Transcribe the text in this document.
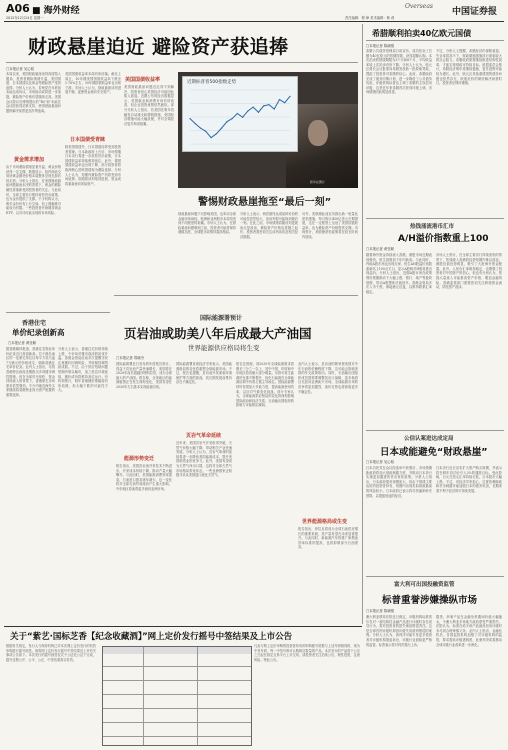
A06 ■ 海外财经
2012年12月24日 星期一	责任编辑：程 峥 美术编辑：韩 莉
Overseas
中国证券报
财政悬崖迫近 避险资产获追捧
□本报记者 吴心韬
本周以来，美国财政悬崖谈判再度陷入僵局，投资者避险情绪升温，美国国债、日本国债以及黄金等避险资产受到追捧。分析人士认为，若两党在年底前未能达成协议，市场波动或将进一步加剧，避险资产价格有望继续走高。美国众议院议长博纳提出的“B计划”未能在众议院获得足够支持，使得财政悬崖问题的解决前景更加扑朔迷离。
黄金需求增加
由于市场避险情绪显著升温，黄金价格获得一定支撑。数据显示，纽约商品交易所黄金期货价格本周整体呈现先抑后扬走势。分析人士指出，在美国财政悬崖问题悬而未决的背景下，黄金的避险属性将重新受到投资者的关注。与此同时，全球主要央行维持宽松货币政策，也为金价提供了支撑。不少机构认为，明年金价仍有上行空间，但上涨幅度可能较为有限。一些投资者开始增持黄金ETF，以对冲可能出现的市场风险。
美国国债收益率本周有所回落。截至上周五，10年期美国国债收益率下跌至1.76%左右，30年期国债收益率也出现下滑。市场人士认为，财政悬崖谈判进展不顺，促使资金流向安全资产。
日本国债受青睐
除美国国债外，日本国债同样受到投资者青睐。日本新政府上台后，市场预期日本央行将进一步放松货币政策，日本国债收益率持续维持低位。此外，德国国债收益率也出现下降，部分投资者将欧洲核心国家国债视为避险选择。分析人士认为，短期内避险资产仍将受到市场追捧，但随着谈判取得进展，资金或将重新流向风险资产。
美国国债收益率
美国财政悬崖问题迟迟得不到解决，投资者担心美国经济可能因此陷入衰退。近期公布的经济数据显示，美国就业和消费市场有所改善，但企业投资意愿依然疲软。部分分析人士指出，若美国在明年初触发自动减支和增税措施，美国经济增速可能大幅放缓，并对全球经济复苏构成拖累。
近期标普普500指数走势
新华社图片
警惕财政悬崖拖至“最后一刻”
财政悬崖问题不仅影响美国，也牵动全球金融市场神经。欧洲和亚洲股市本周均受到不同程度的拖累。市场人士认为，在财政悬崖问题明朗之前，投资者可能将保持谨慎态度，全球股市或维持震荡格局。
分析人士表示，两党最终达成某种妥协的可能性依然较大，但谈判很可能拖到最后一刻。在此之前，市场情绪将随谈判进展而反复波动，避险资产价格也将随之起伏，投资者需密切关注谈判动向及相关经济数据。
另外，美联储此前宣布推出新一轮量化宽松措施，每月购买450亿美元长期国债，这在一定程度上压低了美国国债收益率，也为避险资产价格提供支撑。市场预计，美联储宽松政策将在较长时间内延续。
香港住宅
单价纪录创新高
□本报记者 黄莹颖
据香港媒体报道，香港住宅物业单价纪录近日再创新高。位于港岛南区的一处豪宅单位以每平方英尺逾7万港元的价格成交，刷新香港住宅单价纪录。业内人士指出，尽管香港特区政府近期推出多项楼市调控措施，但在全球货币宽松、资金持续流入的背景下，香港豪宅市场需求依然强劲。不少内地及海外买家继续将香港物业视为资产配置的重要选择。
分析人士表示，香港住宅价格持续上涨，令市场对楼市泡沫的担忧升温。香港金管局此前多次提醒市民注意楼价回调风险，并收紧按揭贷款成数。不过，由于供应短缺问题短期内难以解决，加之低息环境延续，楼价或仍将维持高位运行。有机构预计，明年香港楼价涨幅将有所放缓，但大幅下跌的可能性不大。
国际能源署预计
页岩油或助美八年后成最大产油国
世界能源供应格局将生变
□本报记者 郑晓舟
国际能源署近日发布的年度报告预计，得益于页岩油产量快速增长，美国将在2020年前后超越沙特阿拉伯，成为全球最大的产油国。报告称，北美地区的能源版图正在发生深刻变化，美国有望在2030年左右基本实现能源自给。
能源形势变迁
报告指出，美国页岩油开采技术不断进步，开采成本持续下降，推动产量大幅攀升。与此同时，美国能源消费效率提高，石油进口需求逐年减少。这一变化将对全球石油贸易流向产生重大影响，中东地区原油将更多流向亚洲市场。
国际能源署首席经济学家表示，美国能源格局的变化将重塑全球能源市场。不过，报告也提醒，页岩油开发面临环境保护等方面的挑战，其长期发展前景仍存在不确定性。
页岩气革命延续
近年来，美国页岩气开发取得突破，天然气价格大幅下降，带动相关产业快速发展。分析人士认为，页岩气革命的延续将进一步降低美国能源成本，提升美国制造业的竞争力。此外，美国有望成为天然气净出口国，这将对全球天然气市场格局带来冲击。一些亚洲国家正积极寻求从美国进口液化天然气。
报告还预测，到2035年全球能源需求将增长三分之一以上，其中中国、印度和中东地区将贡献大部分增量。尽管可再生能源的比重不断提升，但化石能源在全球能源结构中仍将占据主导地位。国际能源署呼吁各国加大节能力度，提高能源使用效率，以应对气候变化挑战。部分专家认为，全球能源供应格局的变化将深刻影响国际政治和经济关系，石油输出国组织的影响力可能相应减弱。
世界能源格局或生变
业内人士表示，页岩油的繁荣使美国对中东石油的依赖程度下降，这可能会影响美国的外交政策取向。同时，石油输出国组织成员国需要调整其出口战略，更多地将目光投向亚洲新兴市场。全球能源市场的竞争将更加激烈，油价走势也将面临更多不确定性。
报告指出，伊拉克将成为全球石油供应增长的重要来源，其产量有望在未来显著提升。与此同时，新能源汽车的推广和燃油效率标准的提高，也将抑制部分石油需求。
希腊顺利拍卖40亿欧元国债
□本报记者 陈晓刚
希腊公共债务管理局日前宣布，成功拍卖了总额为40亿欧元的短期国债，获得超额认购。本次拍卖的国债期限为3个月和6个月，平均收益率较上次拍卖有所下降。分析人士认为，欧元区财长会议批准向希腊发放新一批救助贷款，提振了投资者对希腊的信心。此前，希腊政府完成了债务回购计划，进一步降低了公共债务负担。评级机构标普也上调了希腊的主权信用评级，这是近年来希腊首次获得评级上调，市场情绪因此明显改善。
不过，分析人士提醒，希腊经济仍深陷衰退，失业率居高不下，财政紧缩措施执行面临较大的社会阻力。希腊政府需要继续推进结构性改革，才能实现财政可持续目标。欧盟委员会预计，希腊经济明年将继续萎缩，复苏进程可能较为漫长。此外，欧元区其他重债国的债务问题也依然存在，欧债危机的彻底解决尚需时日，投资者应保持谨慎。
热钱涌流港币汇市
A/H溢价指数重上100
□本报记者 黄莹颖
随着海外资金持续流入香港，港股市场近期表现强劲，恒生指数创下年内新高。与此同时，内地A股市场也出现反弹，恒生AH股溢价指数重新站上100点关口，显示A股相对H股再度出现溢价。分析人士指出，近期A股市场在政策利好预期推动下大幅上涨，银行、地产等板块领涨，带动A股整体估值回升。香港金管局多次入市干预，承接港元沽盘，以维持联系汇率稳定。
市场人士预计，在全球主要央行持续宽松的背景下，热钱流入香港的趋势短期内难以改变。港股估值优势明显，吸引了大批海外资金配置。此外，人民币汇率保持稳定，也增强了投资者对中国资产的信心。但也有分析认为，热钱大量流入可能推高资产价格，增加金融风险，香港监管部门需要密切关注跨境资金流动，防范资产泡沫。
公信认案进达成定局
日本或能避免“财政悬崖”
□本报记者 吴心韬
日本自民党在众议院选举中获胜后，市场预期新政府将加大财政刺激力度，并推动日本央行实施更加激进的货币宽松政策。分析人士指出，日本政府债务规模庞大，但由于国债主要由国内投资者持有，短期内出现类似财政悬崖的风险较小。日本政府已表示将尽快编制补充预算，以提振低迷的经济。
日本央行近日宣布扩大资产购买规模，并表示将在明年初讨论引入2%的通胀目标。受此影响，日元兑美元汇率持续走低，日本股市大幅上涨。不过，有经济学家担心，过度依赖财政和货币刺激可能加剧日本的债务负担，长期来看不利于经济的可持续发展。
富大利可出国投融资监管
标普重誉涉嫌操纵市场
□本报记者 陈晓刚
澳大利亚联邦法院近日裁定，评级机构标准普尔在对一款结构性金融产品进行评级时存在误导行为，需对投资者的损失承担赔偿责任。这是全球首例评级机构因评级失误被判赔偿的案例。分析人士认为，该判决可能引发更多投资者对评级机构提起诉讼，评级行业面临更严格的监管。标普表示将对判决提出上诉。
据悉，涉案产品在金融危机期间价值大幅缩水，令澳大利亚多家地方政府蒙受严重损失。法院认为，标普在给予该产品最高信用评级时未尽到合理审慎义务。业内人士指出，金融危机后，各国监管机构加强了对评级机构的监管，要求提高评级透明度，此案判决或将推动全球评级行业改革进一步深化。
关于“紫艺·国标芝香【纪念收藏酒】”网上定价发行摇号中签结果及上市公告
根据有关规定，发行人与保荐机构已对本次网上定价发行的有效申购进行摇号抽签。现将网上定价发行摇号中签结果及上市有关事项公告如下。本次发行的摇号抽签仪式于公证处公证下完成，摇号过程公开、公平、公正，中签结果真实有效。
凡参与网上定价申购的投资者持有的申购配号尾数与上述号码相同的，则为中签号码，每一中签号码可认购相应数量的产品。本次发行的产品将于公告之日起在指定交易平台上市交易，请投资者关注后续公告，理性投资，注意风险。特此公告。
